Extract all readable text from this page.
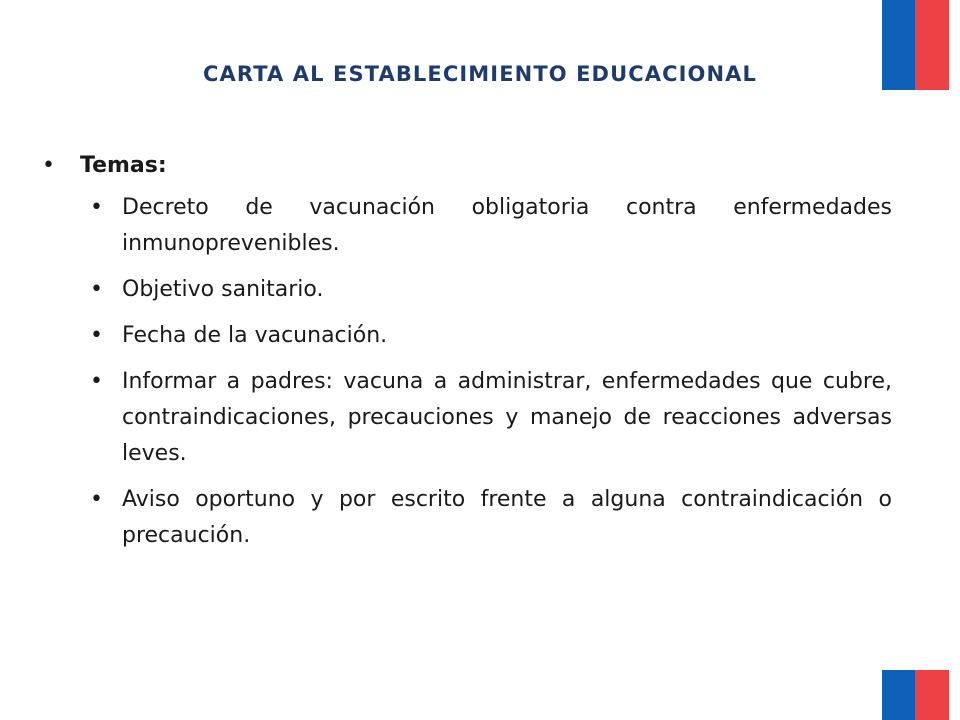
CARTA AL ESTABLECIMIENTO EDUCACIONAL
• Temas:
• Decreto de vacunación obligatoria contra enfermedades inmunoprevenibles.
• Objetivo sanitario.
• Fecha de la vacunación.
• Informar a padres: vacuna a administrar, enfermedades que cubre, contraindicaciones, precauciones y manejo de reacciones adversas leves.
• Aviso oportuno y por escrito frente a alguna contraindicación o precaución.
